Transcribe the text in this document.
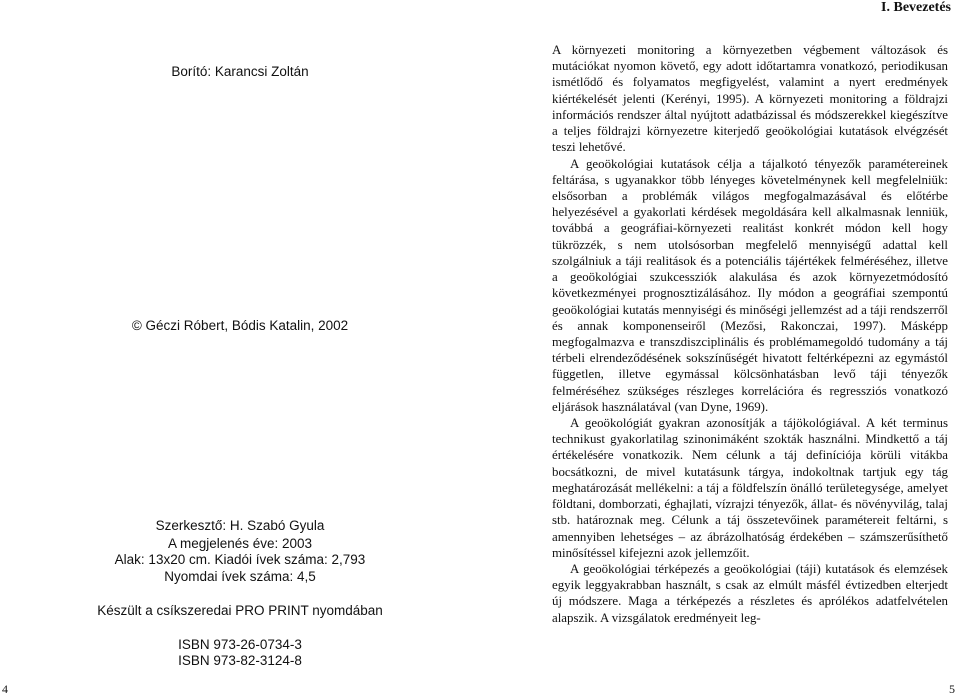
Borító: Karancsi Zoltán
© Géczi Róbert, Bódis Katalin, 2002
Szerkesztő: H. Szabó Gyula
A megjelenés éve: 2003
Alak: 13x20 cm. Kiadói ívek száma: 2,793
Nyomdai ívek száma: 4,5
Készült a csíkszeredai PRO PRINT nyomdában
ISBN 973-26-0734-3
ISBN 973-82-3124-8
4
I. Bevezetés

A környezeti monitoring a környezetben végbement változások és mutációkat nyomon követő, egy adott időtartamra vonatkozó, periodikusan ismétlődő és folyamatos megfigyelést, valamint a nyert eredmények kiértékelését jelenti (Kerényi, 1995). A környezeti monitoring a földrajzi információs rendszer által nyújtott adatbázissal és módszerekkel kiegészítve a teljes földrajzi környezetre kiterjedő geoökológiai kutatások elvégzését teszi lehetővé.

A geoökológiai kutatások célja a tájalkotó tényezők paramétereinek feltárása, s ugyanakkor több lényeges követelménynek kell megfelelniük: elsősorban a problémák világos megfogalmazásával és előtérbe helyezésével a gyakorlati kérdések megoldására kell alkalmasnak lenniük, továbbá a geográfiai-környezeti realitást konkrét módon kell hogy tükrözzék, s nem utolsósorban megfelelő mennyiségű adattal kell szolgálniuk a táji realitások és a potenciális tájértékek felméréséhez, illetve a geoökológiai szukcessziók alakulása és azok környezetmódosító következményei prognosztizálásához. Ily módon a geográfiai szempontú geoökológiai kutatás mennyiségi és minőségi jellemzést ad a táji rendszerről és annak komponenseiről (Mezősi, Rakonczai, 1997). Másképp megfogalmazva e transzdiszciplinális és problémamegoldó tudomány a táj térbeli elrendeződésének sokszínűségét hivatott feltérképezni az egymástól független, illetve egymással kölcsönhatásban levő táji tényezők felméréséhez szükséges részleges korrelációra és regressziós vonatkozó eljárások használatával (van Dyne, 1969).

A geoökológiát gyakran azonosítják a tájökológiával. A két terminus technikust gyakorlatilag szinonimáként szokták használni. Mindkettő a táj értékelésére vonatkozik. Nem célunk a táj definíciója körüli vitákba bocsátkozni, de mivel kutatásunk tárgya, indokoltnak tartjuk egy tág meghatározását mellékelni: a táj a földfelszín önálló területegysége, amelyet földtani, domborzati, éghajlati, vízrajzi tényezők, állat- és növényvilág, talaj stb. határoznak meg. Célunk a táj összetevőinek paramétereit feltárni, s amennyiben lehetséges – az ábrázolhatóság érdekében – számszerűsíthető minősítéssel kifejezni azok jellemzőit.

A geoökológiai térképezés a geoökológiai (táji) kutatások és elemzések egyik leggyakrabban használt, s csak az elmúlt másfél évtizedben elterjedt új módszere. Maga a térképezés a részletes és aprólékos adatfelvételen alapszik. A vizsgálatok eredményeit leg-

5
